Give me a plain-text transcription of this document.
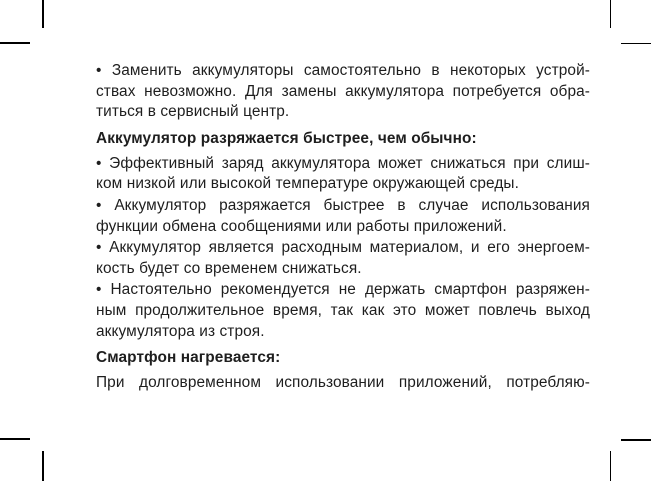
• Заменить аккумуляторы самостоятельно в некоторых устрой-
ствах невозможно. Для замены аккумулятора потребуется обра-
титься в сервисный центр.
Аккумулятор разряжается быстрее, чем обычно:
• Эффективный заряд аккумулятора может снижаться при слиш-
ком низкой или высокой температуре окружающей среды.
• Аккумулятор разряжается быстрее в случае использования
функции обмена сообщениями или работы приложений.
• Аккумулятор является расходным материалом, и его энергоем-
кость будет со временем снижаться.
• Настоятельно рекомендуется не держать смартфон разряжен-
ным продолжительное время, так как это может повлечь выход
аккумулятора из строя.
Смартфон нагревается:
При долговременном использовании приложений, потребляю-
